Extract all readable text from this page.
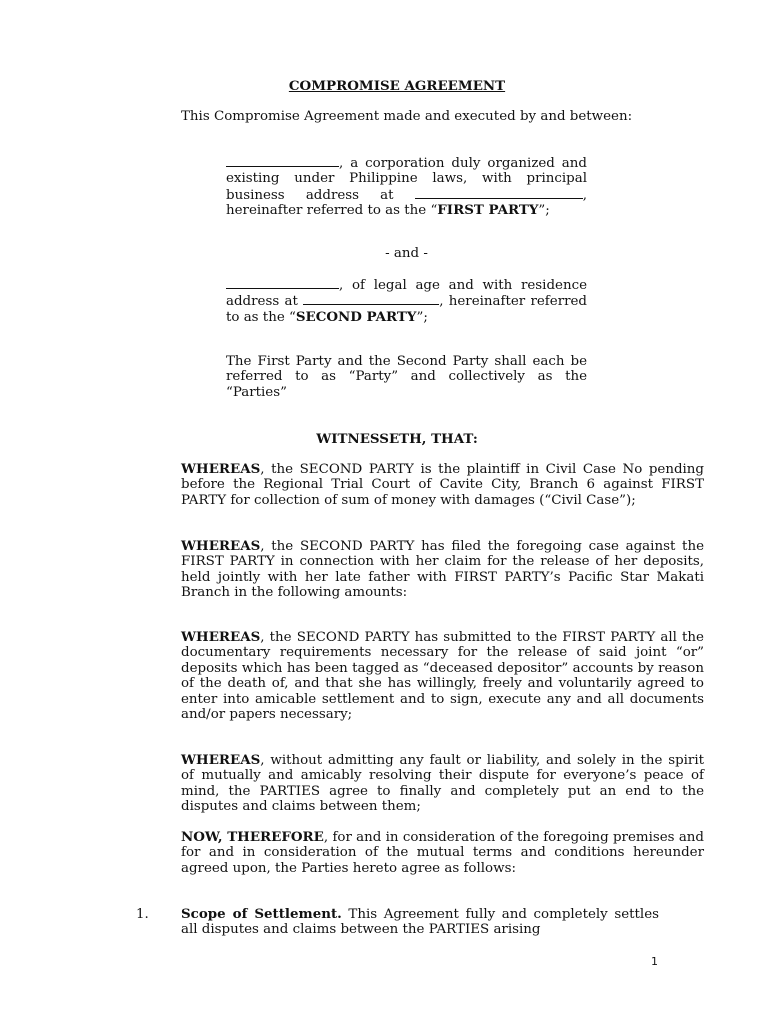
COMPROMISE AGREEMENT

This Compromise Agreement made and executed by and between:

, a corporation duly organized and existing under Philippine laws, with principal business address at	, hereinafter referred to as the “FIRST PARTY”;

- and -

, of legal age and with residence address at	, hereinafter referred to as the “SECOND PARTY”;

The First Party and the Second Party shall each be referred to as “Party” and collectively as the “Parties”

WITNESSETH, THAT:

WHEREAS, the SECOND PARTY is the plaintiff in Civil Case No pending before the Regional Trial Court of Cavite City, Branch 6 against FIRST PARTY for collection of sum of money with damages (“Civil Case”);

WHEREAS, the SECOND PARTY has filed the foregoing case against the FIRST PARTY in connection with her claim for the release of her deposits, held jointly with her late father with FIRST PARTY’s Pacific Star Makati Branch in the following amounts:

WHEREAS, the SECOND PARTY has submitted to the FIRST PARTY all the documentary requirements necessary for the release of said joint “or” deposits which has been tagged as “deceased depositor” accounts by reason of the death of, and that she has willingly, freely and voluntarily agreed to enter into amicable settlement and to sign, execute any and all documents and/or papers necessary;

WHEREAS, without admitting any fault or liability, and solely in the spirit of mutually and amicably resolving their dispute for everyone’s peace of mind, the PARTIES agree to finally and completely put an end to the disputes and claims between them;

NOW, THEREFORE, for and in consideration of the foregoing premises and for and in consideration of the mutual terms and conditions hereunder agreed upon, the Parties hereto agree as follows:

1. Scope of Settlement. This Agreement fully and completely settles all disputes and claims between the PARTIES arising

1
